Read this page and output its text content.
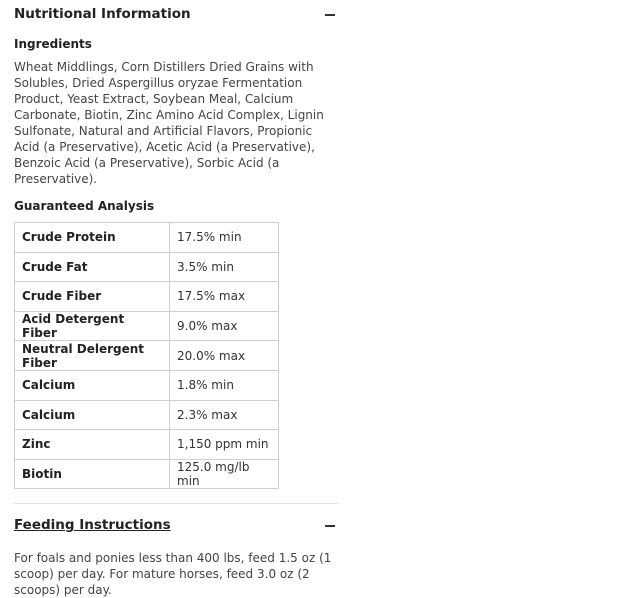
Nutritional Information
Ingredients

Wheat Middlings, Corn Distillers Dried Grains with Solubles, Dried Aspergillus oryzae Fermentation Product, Yeast Extract, Soybean Meal, Calcium Carbonate, Biotin, Zinc Amino Acid Complex, Lignin Sulfonate, Natural and Artificial Flavors, Propionic Acid (a Preservative), Acetic Acid (a Preservative), Benzoic Acid (a Preservative), Sorbic Acid (a Preservative).

Guaranteed Analysis
Crude Protein	17.5% min
Crude Fat	3.5% min
Crude Fiber	17.5% max
Acid Detergent Fiber	9.0% max
Neutral Delergent Fiber	20.0% max
Calcium	1.8% min
Calcium	2.3% max
Zinc	1,150 ppm min
Biotin	125.0 mg/lb min
Feeding Instructions

For foals and ponies less than 400 lbs, feed 1.5 oz (1 scoop) per day. For mature horses, feed 3.0 oz (2 scoops) per day.
